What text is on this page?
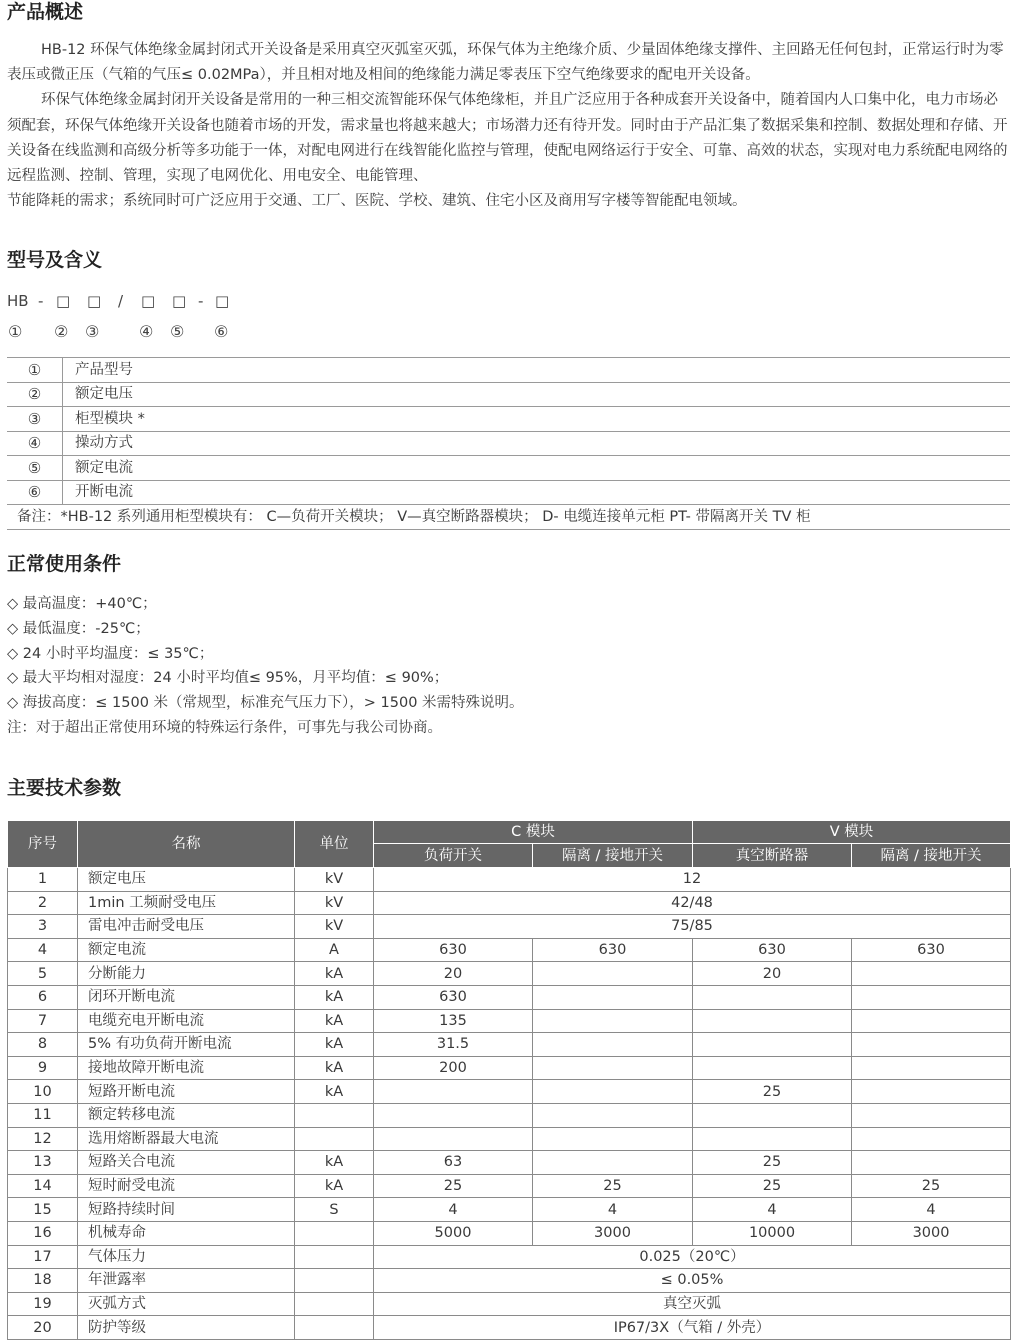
产品概述

HB-12 环保气体绝缘金属封闭式开关设备是采用真空灭弧室灭弧，环保气体为主绝缘介质、少量固体绝缘支撑件、主回路无任何包封，正常运行时为零表压或微正压（气箱的气压≤ 0.02MPa），并且相对地及相间的绝缘能力满足零表压下空气绝缘要求的配电开关设备。

环保气体绝缘金属封闭开关设备是常用的一种三相交流智能环保气体绝缘柜，并且广泛应用于各种成套开关设备中，随着国内人口集中化，电力市场必须配套，环保气体绝缘开关设备也随着市场的开发，需求量也将越来越大；市场潜力还有待开发。同时由于产品汇集了数据采集和控制、数据处理和存储、开关设备在线监测和高级分析等多功能于一体，对配电网进行在线智能化监控与管理，使配电网络运行于安全、可靠、高效的状态，实现对电力系统配电网络的远程监测、控制、管理，实现了电网优化、用电安全、电能管理、

节能降耗的需求；系统同时可广泛应用于交通、工厂、医院、学校、建筑、住宅小区及商用写字楼等智能配电领域。

型号及含义
HB - □ □ / □ □ - □
① ② ③ ④ ⑤ ⑥
①	产品型号
②	额定电压
③	柜型模块 *
④	操动方式
⑤	额定电流
⑥	开断电流
备注：*HB-12 系列通用柜型模块有： C—负荷开关模块； V—真空断路器模块； D- 电缆连接单元柜 PT- 带隔离开关 TV 柜	
正常使用条件

◇ 最高温度：+40℃；

◇ 最低温度：-25℃；

◇ 24 小时平均温度：≤ 35℃；

◇ 最大平均相对湿度：24 小时平均值≤ 95%，月平均值：≤ 90%；

◇ 海拔高度：≤ 1500 米（常规型，标准充气压力下），> 1500 米需特殊说明。

注：对于超出正常使用环境的特殊运行条件，可事先与我公司协商。

主要技术参数
序号	名称	单位	C 模块		V 模块	
			负荷开关	隔离 / 接地开关	真空断路器	隔离 / 接地开关
1	额定电压	kV	12			
2	1min 工频耐受电压	kV	42/48			
3	雷电冲击耐受电压	kV	75/85			
4	额定电流	A	630	630	630	630
5	分断能力	kA	20		20	
6	闭环开断电流	kA	630			
7	电缆充电开断电流	kA	135			
8	5% 有功负荷开断电流	kA	31.5			
9	接地故障开断电流	kA	200			
10	短路开断电流	kA			25	
11	额定转移电流					
12	选用熔断器最大电流					
13	短路关合电流	kA	63		25	
14	短时耐受电流	kA	25	25	25	25
15	短路持续时间	S	4	4	4	4
16	机械寿命		5000	3000	10000	3000
17	气体压力		0.025（20℃）			
18	年泄露率		≤ 0.05%			
19	灭弧方式		真空灭弧			
20	防护等级		IP67/3X（气箱 / 外壳）			
